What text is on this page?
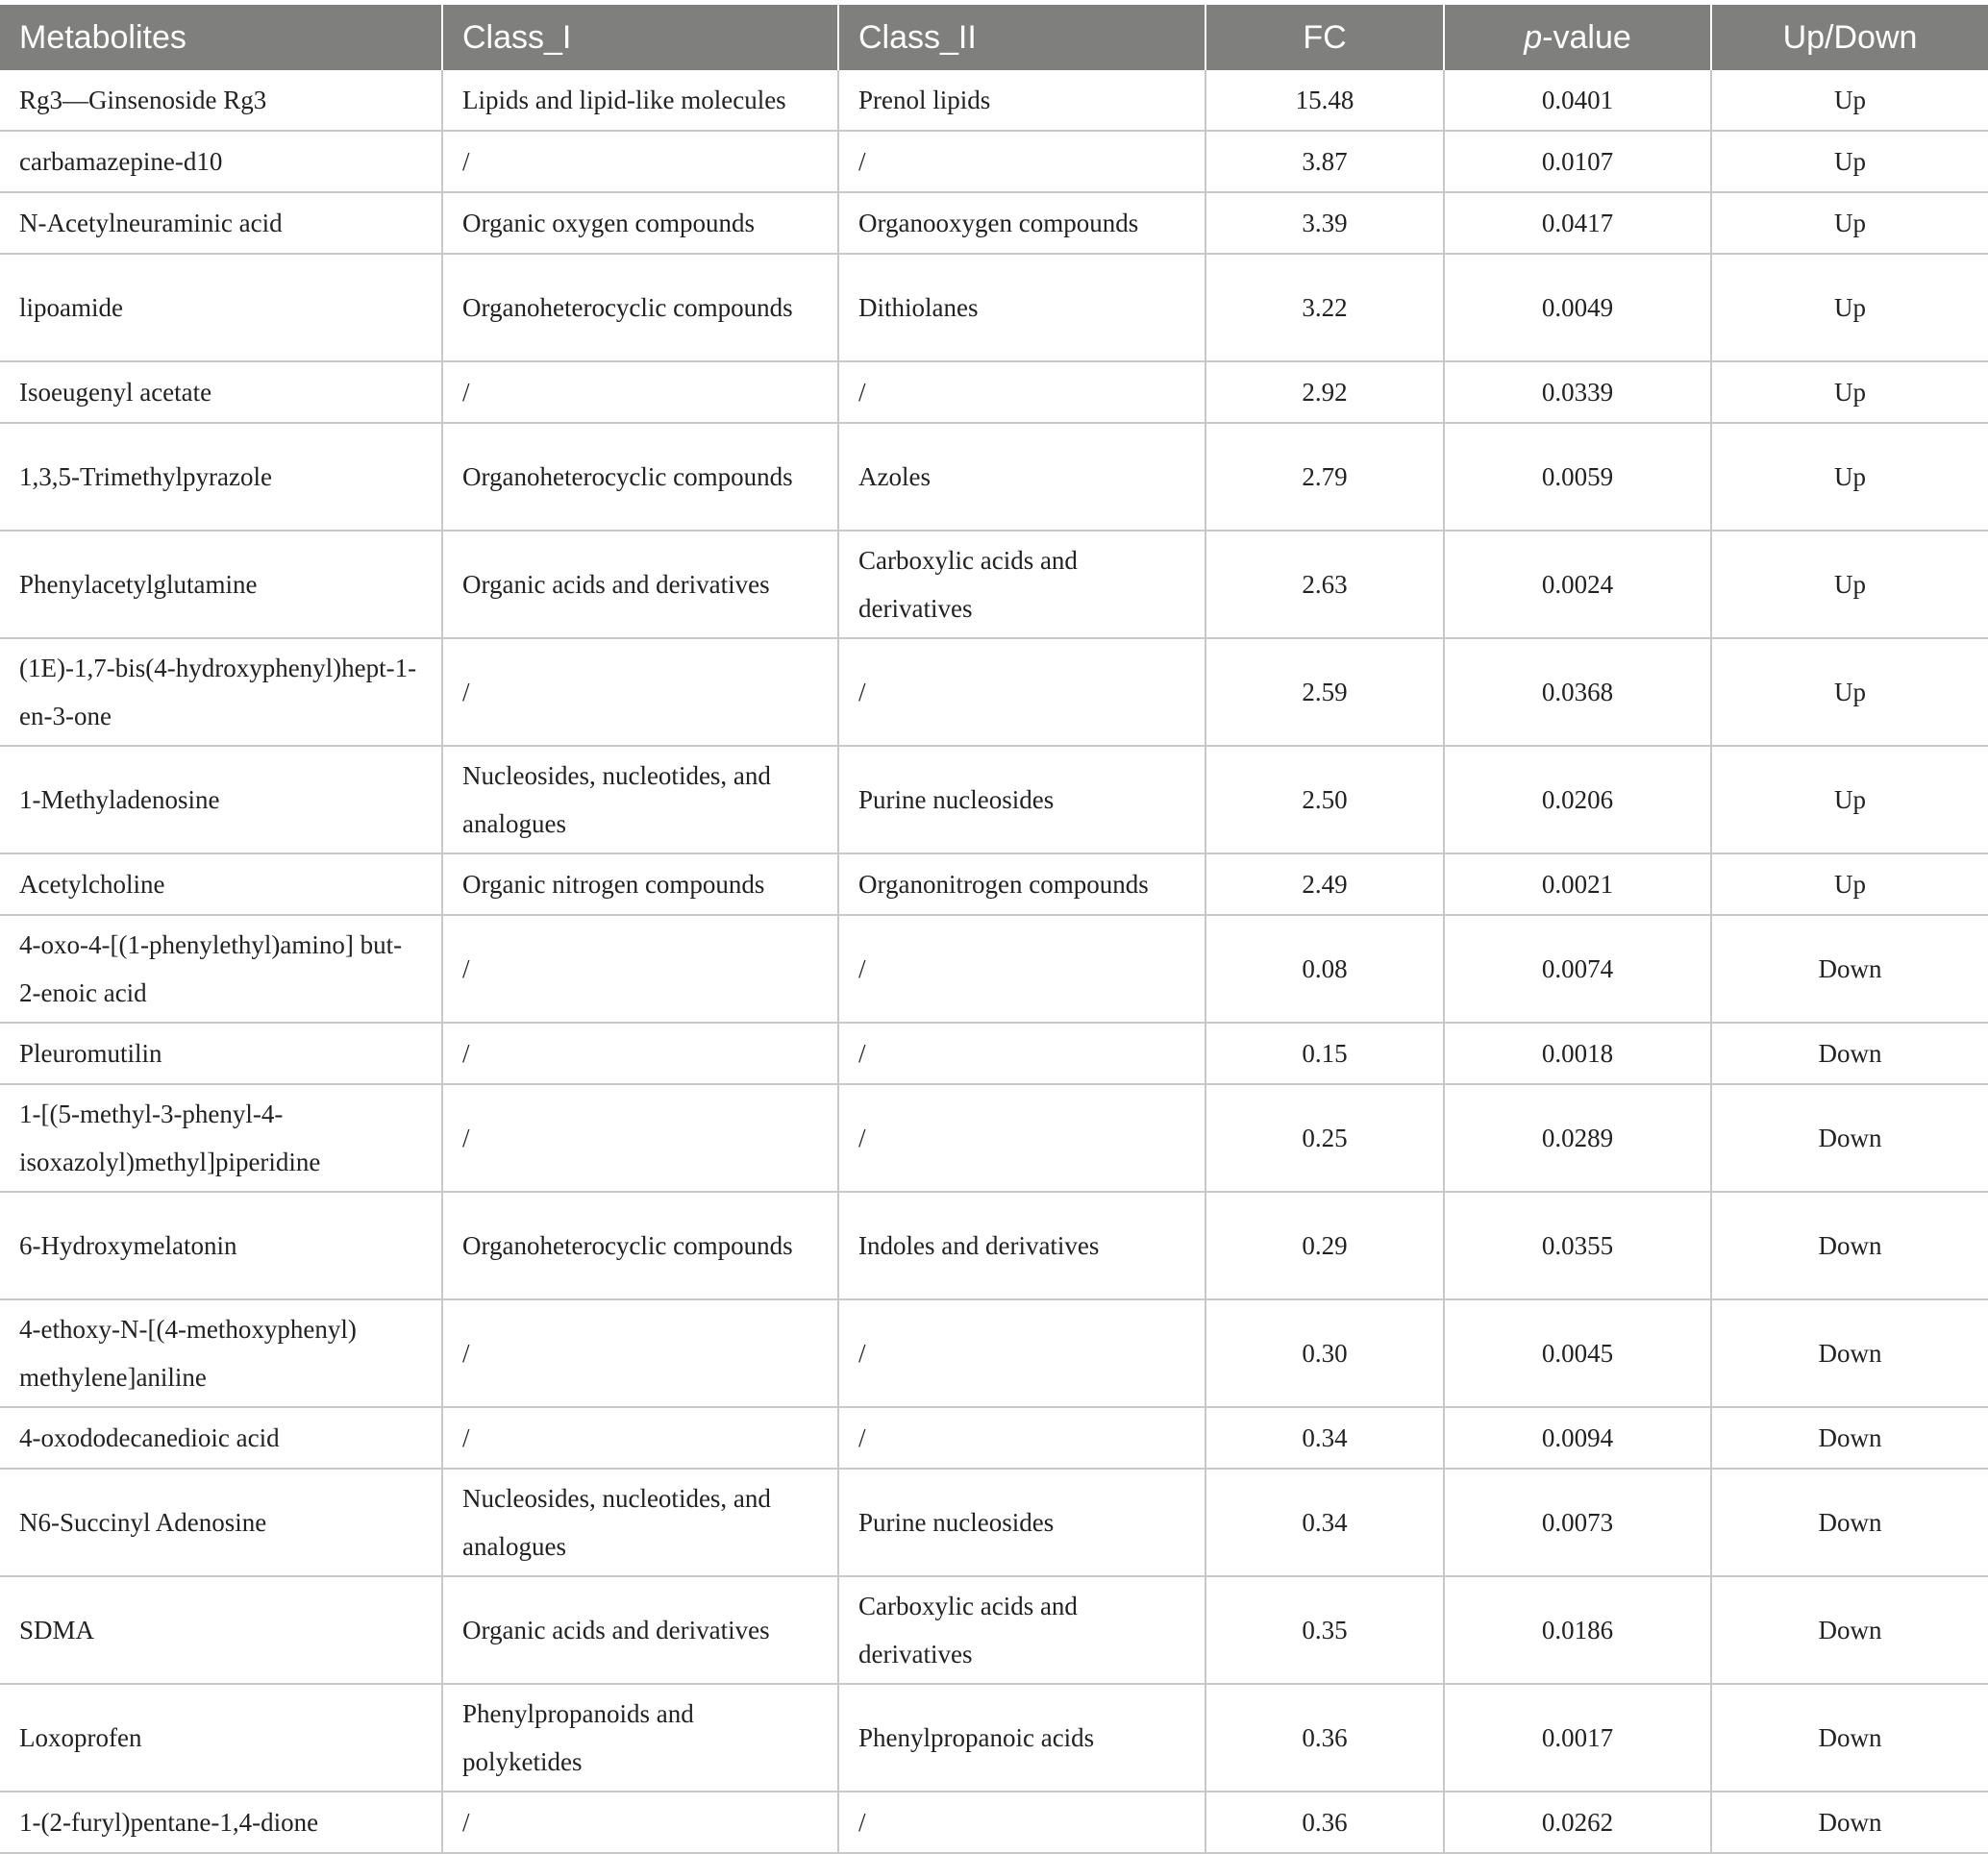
Metabolites	Class_I	Class_II	FC	p-value	Up/Down
Rg3—Ginsenoside Rg3	Lipids and lipid-like molecules	Prenol lipids	15.48	0.0401	Up
carbamazepine-d10	/	/	3.87	0.0107	Up
N-Acetylneuraminic acid	Organic oxygen compounds	Organooxygen compounds	3.39	0.0417	Up
lipoamide	Organoheterocyclic compounds	Dithiolanes	3.22	0.0049	Up
Isoeugenyl acetate	/	/	2.92	0.0339	Up
1,3,5-Trimethylpyrazole	Organoheterocyclic compounds	Azoles	2.79	0.0059	Up
Phenylacetylglutamine	Organic acids and derivatives	Carboxylic acids and derivatives	2.63	0.0024	Up
(1E)-1,7-bis(4-hydroxyphenyl)hept-1-en-3-one	/	/	2.59	0.0368	Up
1-Methyladenosine	Nucleosides, nucleotides, and analogues	Purine nucleosides	2.50	0.0206	Up
Acetylcholine	Organic nitrogen compounds	Organonitrogen compounds	2.49	0.0021	Up
4-oxo-4-[(1-phenylethyl)amino] but-2-enoic acid	/	/	0.08	0.0074	Down
Pleuromutilin	/	/	0.15	0.0018	Down
1-[(5-methyl-3-phenyl-4-isoxazolyl)methyl]piperidine	/	/	0.25	0.0289	Down
6-Hydroxymelatonin	Organoheterocyclic compounds	Indoles and derivatives	0.29	0.0355	Down
4-ethoxy-N-[(4-methoxyphenyl) methylene]aniline	/	/	0.30	0.0045	Down
4-oxododecanedioic acid	/	/	0.34	0.0094	Down
N6-Succinyl Adenosine	Nucleosides, nucleotides, and analogues	Purine nucleosides	0.34	0.0073	Down
SDMA	Organic acids and derivatives	Carboxylic acids and derivatives	0.35	0.0186	Down
Loxoprofen	Phenylpropanoids and polyketides	Phenylpropanoic acids	0.36	0.0017	Down
1-(2-furyl)pentane-1,4-dione	/	/	0.36	0.0262	Down
